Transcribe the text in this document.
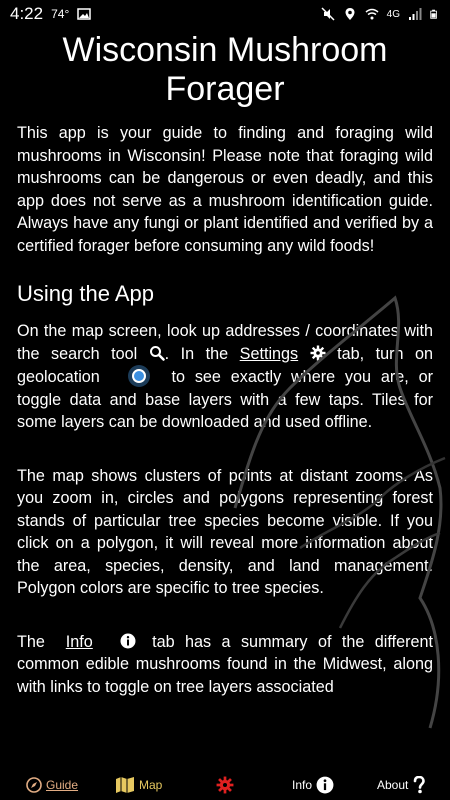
4:22 74°	4G
Wisconsin Mushroom Forager

This app is your guide to finding and foraging wild mushrooms in Wisconsin! Please note that foraging wild mushrooms can be dangerous or even deadly, and this app does not serve as a mushroom identification guide. Always have any fungi or plant identified and verified by a certified forager before consuming any wild foods!

Using the App

On the map screen, look up addresses / coordinates with the search tool . In the Settings tab, turn on geolocation	to see exactly where you are, or toggle data and base layers with a few taps. Tiles for some layers can be downloaded and used offline.

The map shows clusters of points at distant zooms. As you zoom in, circles and polygons representing forest stands of particular tree species become visible. If you click on a polygon, it will reveal more information about the area, species, density, and land management. Polygon colors are specific to tree species.

The Info	tab has a summary of the different common edible mushrooms found in the Midwest, along with links to toggle on tree layers associated

Guide	Map	Info	About
